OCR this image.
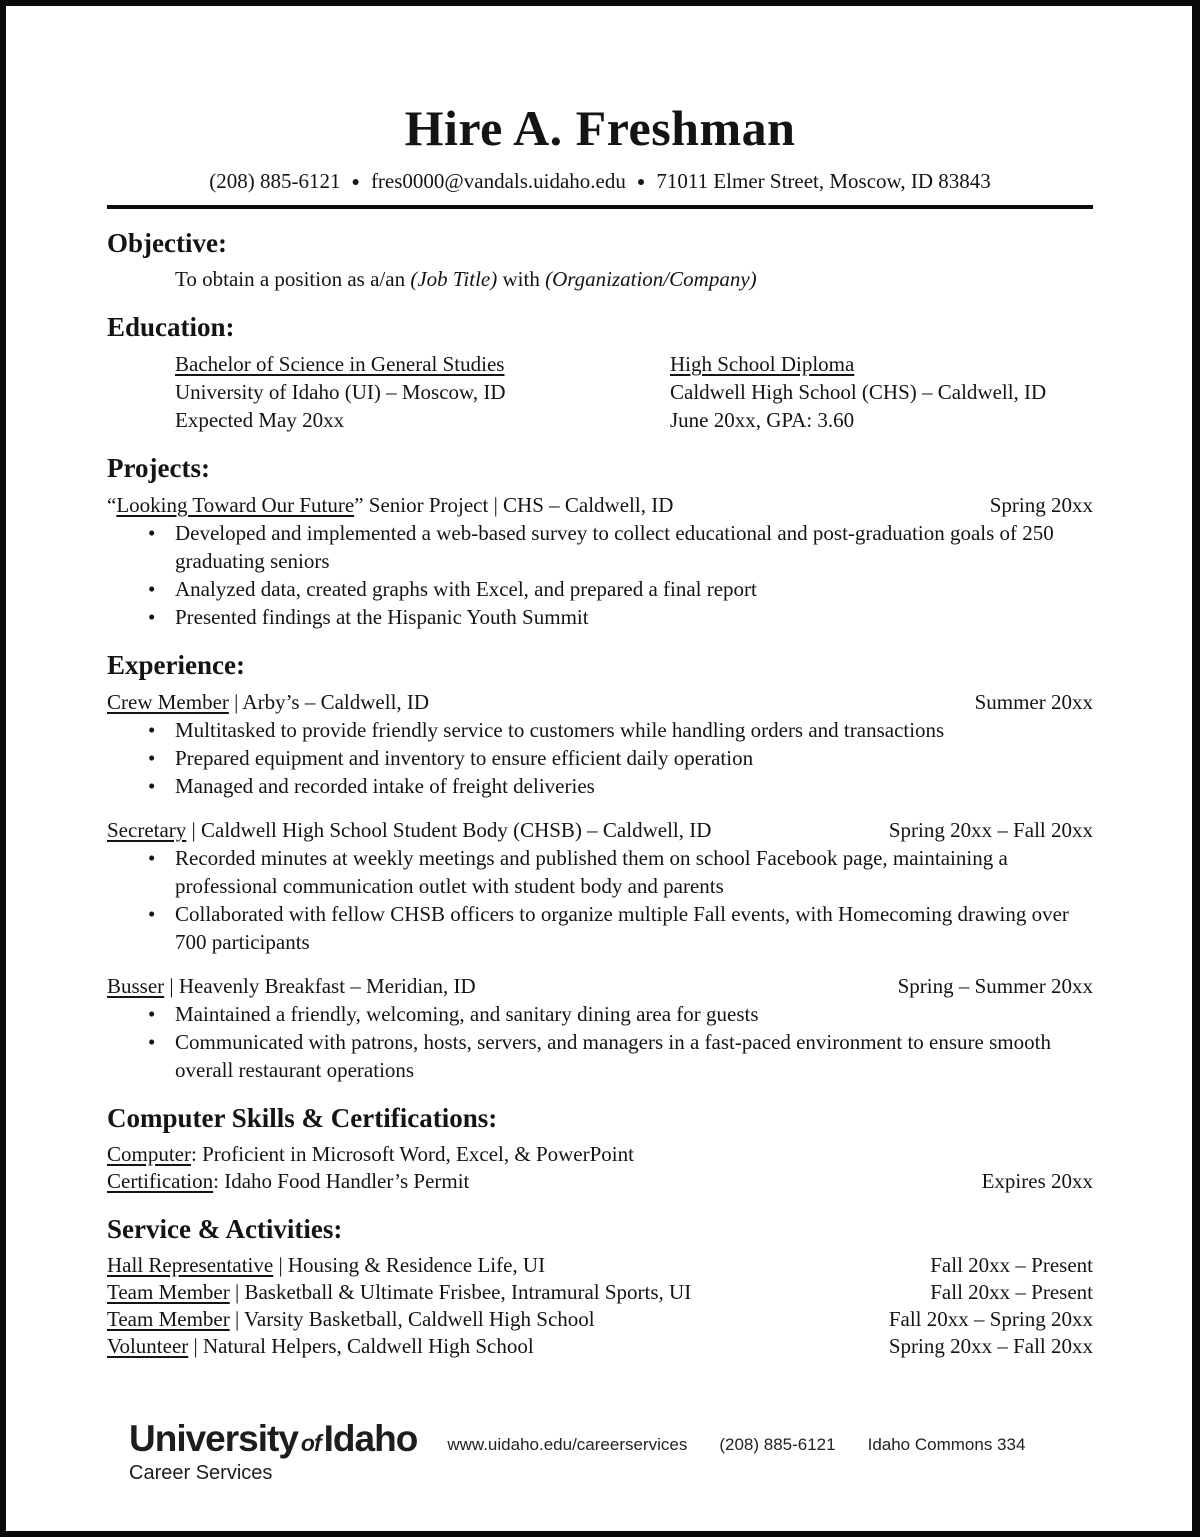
Hire A. Freshman
(208) 885-6121 ● fres0000@vandals.uidaho.edu ● 71011 Elmer Street, Moscow, ID 83843
Objective:

To obtain a position as a/an (Job Title) with (Organization/Company)

Education:
Bachelor of Science in General Studies
University of Idaho (UI) – Moscow, ID
Expected May 20xx
High School Diploma
Caldwell High School (CHS) – Caldwell, ID
June 20xx, GPA: 3.60
Projects:
“Looking Toward Our Future” Senior Project | CHS – Caldwell, ID	Spring 20xx
• Developed and implemented a web-based survey to collect educational and post-graduation goals of 250 graduating seniors
• Analyzed data, created graphs with Excel, and prepared a final report
• Presented findings at the Hispanic Youth Summit
Experience:
Crew Member | Arby’s – Caldwell, ID	Summer 20xx
• Multitasked to provide friendly service to customers while handling orders and transactions
• Prepared equipment and inventory to ensure efficient daily operation
• Managed and recorded intake of freight deliveries
Secretary | Caldwell High School Student Body (CHSB) – Caldwell, ID	Spring 20xx – Fall 20xx
• Recorded minutes at weekly meetings and published them on school Facebook page, maintaining a professional communication outlet with student body and parents
• Collaborated with fellow CHSB officers to organize multiple Fall events, with Homecoming drawing over 700 participants
Busser | Heavenly Breakfast – Meridian, ID	Spring – Summer 20xx
• Maintained a friendly, welcoming, and sanitary dining area for guests
• Communicated with patrons, hosts, servers, and managers in a fast-paced environment to ensure smooth overall restaurant operations
Computer Skills & Certifications:
Computer: Proficient in Microsoft Word, Excel, & PowerPoint
Certification: Idaho Food Handler’s Permit	Expires 20xx
Service & Activities:
Hall Representative | Housing & Residence Life, UI	Fall 20xx – Present
Team Member | Basketball & Ultimate Frisbee, Intramural Sports, UI	Fall 20xx – Present
Team Member | Varsity Basketball, Caldwell High School	Fall 20xx – Spring 20xx
Volunteer | Natural Helpers, Caldwell High School	Spring 20xx – Fall 20xx
University ofIdaho
Career Services
www.uidaho.edu/careerservices (208) 885-6121 Idaho Commons 334
